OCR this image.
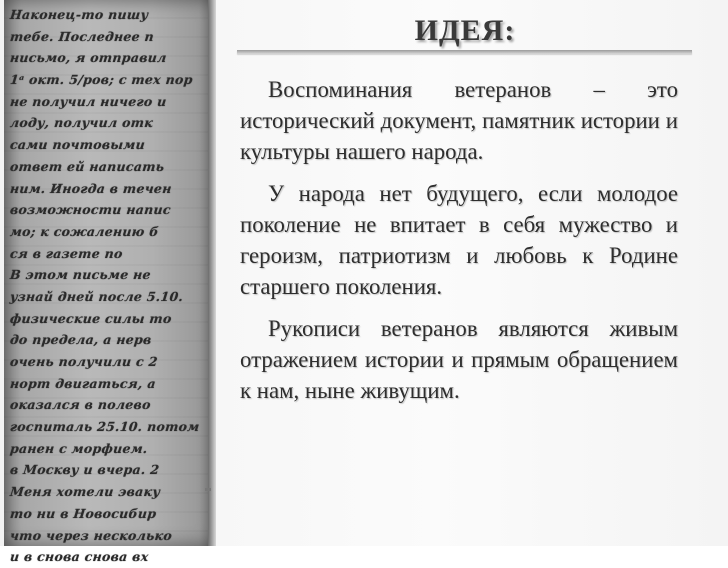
Наконец-то пишу
тебе. Последнее п
нисьмо, я отправил
1ᵃ окт. 5/ров; с тех пор
не получил ничего и
лоду, получил отк
сами почтовыми
ответ ей написать
ним. Иногда в течен
возможности напис
мо; к сожалению б
ся в газете по
В этом письме не
узнай дней после 5.10.
физические силы то
до предела, а нерв
очень получили с 2
норт двигаться, а
оказался в полево
госпиталь 25.10. потом
ранен с морфием.
в Москву и вчера. 2
Меня хотели эваку
то ни в Новосибир
что через несколько
и в снова снова вх
ИДЕЯ:

Воспоминания ветеранов – это исторический документ, памятник истории и культуры нашего народа.

У народа нет будущего, если молодое поколение не впитает в себя мужество и героизм, патриотизм и любовь к Родине старшего поколения.

Рукописи ветеранов являются живым отражением истории и прямым обращением к нам, ныне живущим.
